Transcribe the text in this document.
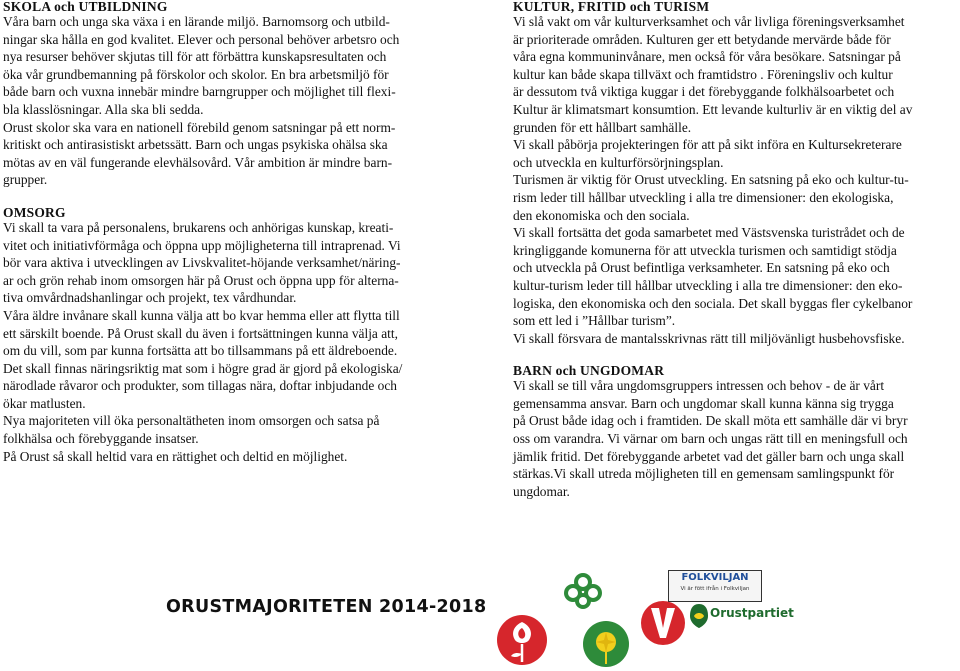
SKOLA och UTBILDNING

Våra barn och unga ska växa i en lärande miljö. Barnomsorg och utbild-

ningar ska hålla en god kvalitet. Elever och personal behöver arbetsro och

nya resurser behöver skjutas till för att förbättra kunskapsresultaten och

öka vår grundbemanning på förskolor och skolor. En bra arbetsmiljö för

både barn och vuxna innebär mindre barngrupper och möjlighet till flexi-

bla klasslösningar. Alla ska bli sedda.

Orust skolor ska vara en nationell förebild genom satsningar på ett norm-

kritiskt och antirasistiskt arbetssätt. Barn och ungas psykiska ohälsa ska

mötas av en väl fungerande elevhälsovård. Vår ambition är mindre barn-

grupper.

OMSORG

Vi skall ta vara på personalens, brukarens och anhörigas kunskap, kreati-

vitet och initiativförmåga och öppna upp möjligheterna till intraprenad. Vi

bör vara aktiva i utvecklingen av Livskvalitet-höjande verksamhet/näring-

ar och grön rehab inom omsorgen här på Orust och öppna upp för alterna-

tiva omvårdnadshanlingar och projekt, tex vårdhundar.

Våra äldre invånare skall kunna välja att bo kvar hemma eller att flytta till

ett särskilt boende. På Orust skall du även i fortsättningen kunna välja att,

om du vill, som par kunna fortsätta att bo tillsammans på ett äldreboende.

Det skall finnas näringsriktig mat som i högre grad är gjord på ekologiska/

närodlade råvaror och produkter, som tillagas nära, doftar inbjudande och

ökar matlusten.

Nya majoriteten vill öka personaltätheten inom omsorgen och satsa på

folkhälsa och förebyggande insatser.

På Orust så skall heltid vara en rättighet och deltid en möjlighet.

KULTUR, FRITID och TURISM

Vi slå vakt om vår kulturverksamhet och vår livliga föreningsverksamhet

är prioriterade områden. Kulturen ger ett betydande mervärde både för

våra egna kommuninvånare, men också för våra besökare. Satsningar på

kultur kan både skapa tillväxt och framtidstro . Föreningsliv och kultur

är dessutom två viktiga kuggar i det förebyggande folkhälsoarbetet och

Kultur är klimatsmart konsumtion. Ett levande kulturliv är en viktig del av

grunden för ett hållbart samhälle.

Vi skall påbörja projekteringen för att på sikt införa en Kultursekreterare

och utveckla en kulturförsörjningsplan.

Turismen är viktig för Orust utveckling. En satsning på eko och kultur-tu-

rism leder till hållbar utveckling i alla tre dimensioner: den ekologiska,

den ekonomiska och den sociala.

Vi skall fortsätta det goda samarbetet med Västsvenska turistrådet och de

kringliggande komunerna för att utveckla turismen och samtidigt stödja

och utveckla på Orust befintliga verksamheter. En satsning på eko och

kultur-turism leder till hållbar utveckling i alla tre dimensioner: den eko-

logiska, den ekonomiska och den sociala. Det skall byggas fler cykelbanor

som ett led i ”Hållbar turism”.

Vi skall försvara de mantalsskrivnas rätt till miljövänligt husbehovsfiske.

BARN och UNGDOMAR

Vi skall se till våra ungdomsgruppers intressen och behov - de är vårt

gemensamma ansvar. Barn och ungdomar skall kunna känna sig trygga

på Orust både idag och i framtiden. De skall möta ett samhälle där vi bryr

oss om varandra. Vi värnar om barn och ungas rätt till en meningsfull och

jämlik fritid. Det förebyggande arbetet vad det gäller barn och unga skall

stärkas.Vi skall utreda möjligheten till en gemensam samlingspunkt för

ungdomar.

ORUSTMAJORITETEN 2014-2018

FOLKVILJAN
Vi är fött ifrån i Folkviljan
Orustpartiet
